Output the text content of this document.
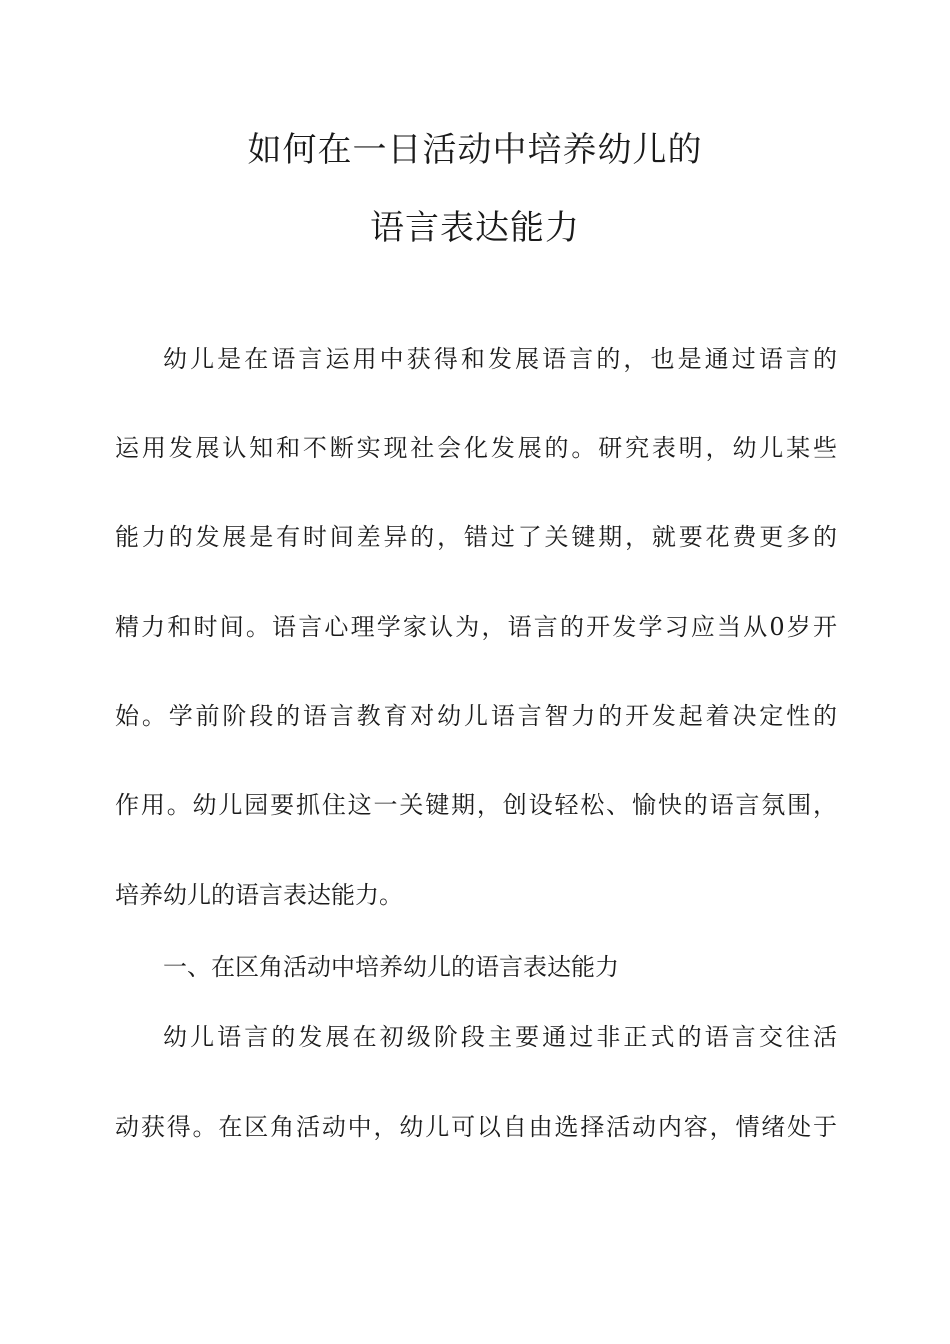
如何在一日活动中培养幼儿的
语言表达能力
幼儿是在语言运用中获得和发展语言的，也是通过语言的
运用发展认知和不断实现社会化发展的。研究表明，幼儿某些
能力的发展是有时间差异的，错过了关键期，就要花费更多的
精力和时间。语言心理学家认为，语言的开发学习应当从0岁开
始。学前阶段的语言教育对幼儿语言智力的开发起着决定性的
作用。幼儿园要抓住这一关键期，创设轻松、愉快的语言氛围，
培养幼儿的语言表达能力。
一、在区角活动中培养幼儿的语言表达能力
幼儿语言的发展在初级阶段主要通过非正式的语言交往活
动获得。在区角活动中，幼儿可以自由选择活动内容，情绪处于
